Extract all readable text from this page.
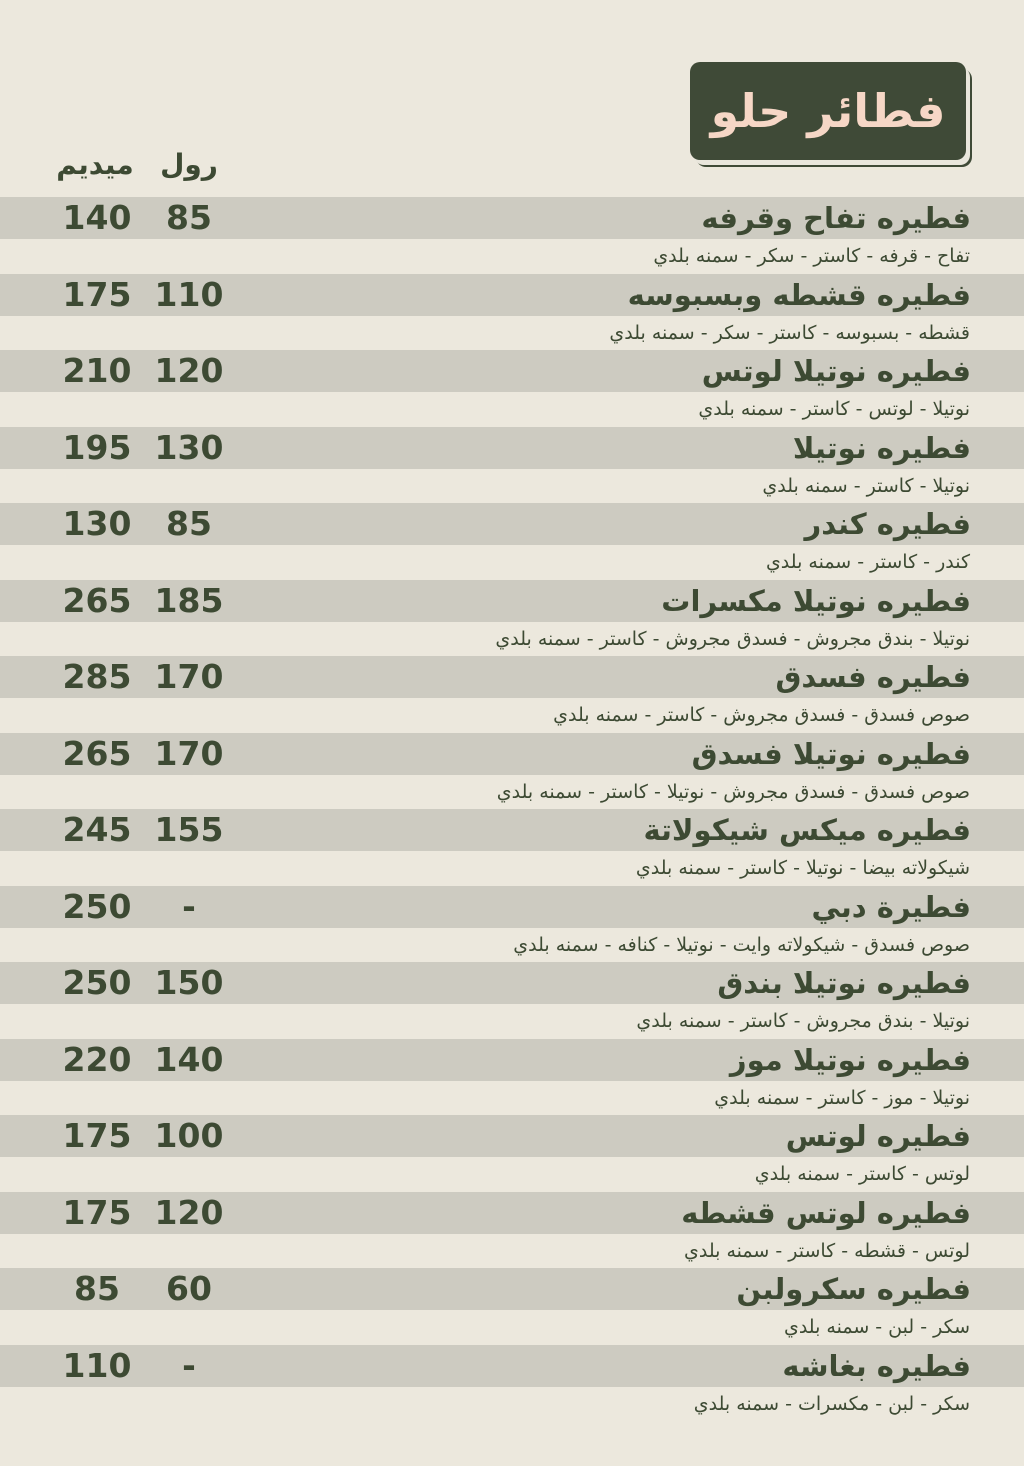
فطائر حلو
رول
ميديم
فطيره تفاح وقرفه
85
140
تفاح - قرفه - كاستر - سكر - سمنه بلدي
فطيره قشطه وبسبوسه
110
175
قشطه - بسبوسه - كاستر - سكر - سمنه بلدي
فطيره نوتيلا لوتس
120
210
نوتيلا - لوتس - كاستر - سمنه بلدي
فطيره نوتيلا
130
195
نوتيلا - كاستر - سمنه بلدي
فطيره كندر
85
130
كندر - كاستر - سمنه بلدي
فطيره نوتيلا مكسرات
185
265
نوتيلا - بندق مجروش - فسدق مجروش - كاستر - سمنه بلدي
فطيره فسدق
170
285
صوص فسدق - فسدق مجروش - كاستر - سمنه بلدي
فطيره نوتيلا فسدق
170
265
صوص فسدق - فسدق مجروش - نوتيلا - كاستر - سمنه بلدي
فطيره ميكس شيكولاتة
155
245
شيكولاته بيضا - نوتيلا - كاستر - سمنه بلدي
فطيرة دبي
-
250
صوص فسدق - شيكولاته وايت - نوتيلا - كنافه - سمنه بلدي
فطيره نوتيلا بندق
150
250
نوتيلا - بندق مجروش - كاستر - سمنه بلدي
فطيره نوتيلا موز
140
220
نوتيلا - موز - كاستر - سمنه بلدي
فطيره لوتس
100
175
لوتس - كاستر - سمنه بلدي
فطيره لوتس قشطه
120
175
لوتس - قشطه - كاستر - سمنه بلدي
فطيره سكرولبن
60
85
سكر - لبن - سمنه بلدي
فطيره بغاشه
-
110
سكر - لبن - مكسرات - سمنه بلدي
